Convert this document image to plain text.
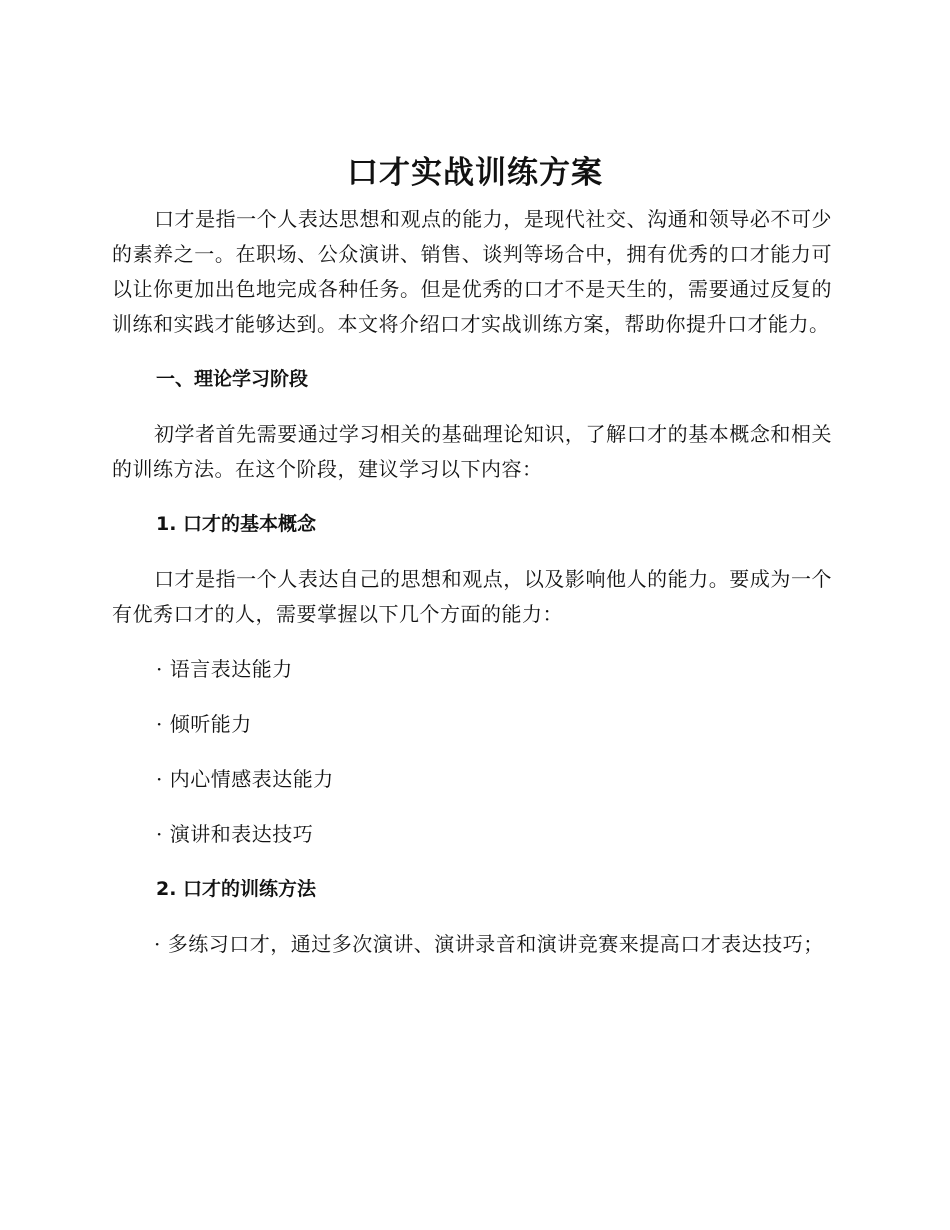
口才实战训练方案

口才是指一个人表达思想和观点的能力，是现代社交、沟通和领导必不可少的素养之一。在职场、公众演讲、销售、谈判等场合中，拥有优秀的口才能力可以让你更加出色地完成各种任务。但是优秀的口才不是天生的，需要通过反复的训练和实践才能够达到。本文将介绍口才实战训练方案，帮助你提升口才能力。

一、理论学习阶段

初学者首先需要通过学习相关的基础理论知识，了解口才的基本概念和相关的训练方法。在这个阶段，建议学习以下内容：

1. 口才的基本概念

口才是指一个人表达自己的思想和观点，以及影响他人的能力。要成为一个有优秀口才的人，需要掌握以下几个方面的能力：

· 语言表达能力

· 倾听能力

· 内心情感表达能力

· 演讲和表达技巧

2. 口才的训练方法

· 多练习口才，通过多次演讲、演讲录音和演讲竞赛来提高口才表达技巧；
